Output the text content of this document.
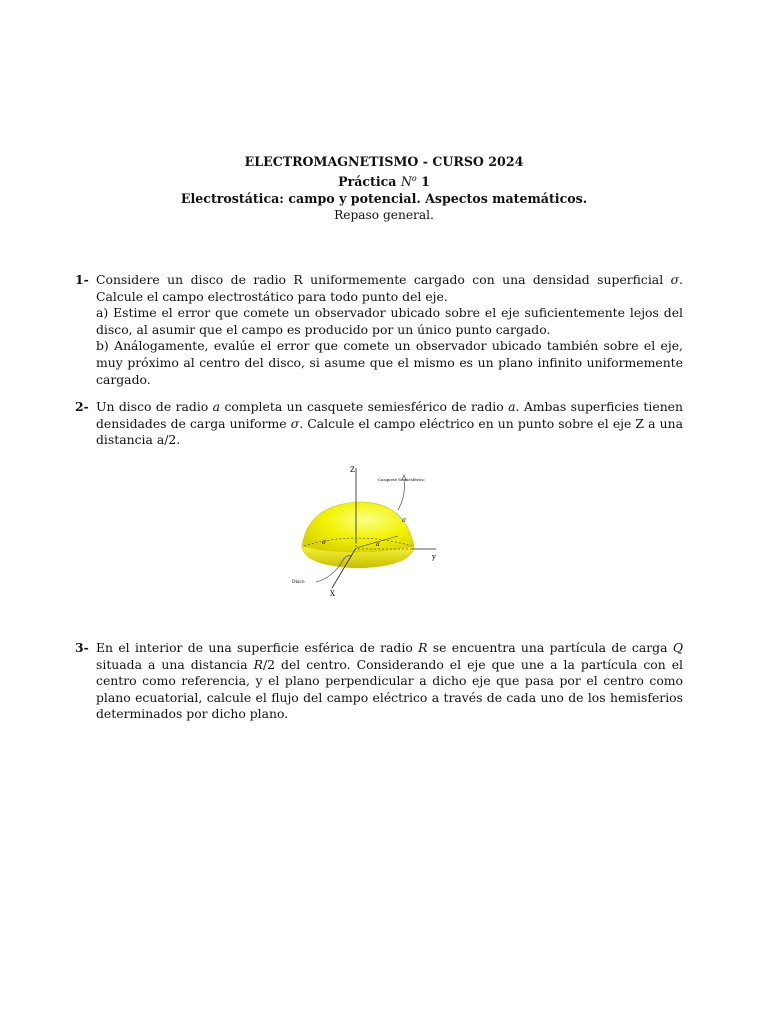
ELECTROMAGNETISMO - CURSO 2024
Práctica $N^o$ 1
Electrostática: campo y potencial. Aspectos matemáticos.
Repaso general.
1- Considere un disco de radio R uniformemente cargado con una densidad superficial σ. Calcule el campo electrostático para todo punto del eje.
a) Estime el error que comete un observador ubicado sobre el eje suficientemente lejos del disco, al asumir que el campo es producido por un único punto cargado.
b) Análogamente, evalúe el error que comete un observador ubicado también sobre el eje, muy próximo al centro del disco, si asume que el mismo es un plano infinito uniformemente cargado.
2- Un disco de radio a completa un casquete semiesférico de radio a. Ambas superficies tienen densidades de carga uniforme σ. Calcule el campo eléctrico en un punto sobre el eje Z a una distancia a/2.
Z
y
X
Casquete Semiesférico
Disco
σ
σ	a
3- En el interior de una superficie esférica de radio R se encuentra una partícula de carga Q situada a una distancia R/2 del centro. Considerando el eje que une a la partícula con el centro como referencia, y el plano perpendicular a dicho eje que pasa por el centro como plano ecuatorial, calcule el flujo del campo eléctrico a través de cada uno de los hemisferios determinados por dicho plano.
